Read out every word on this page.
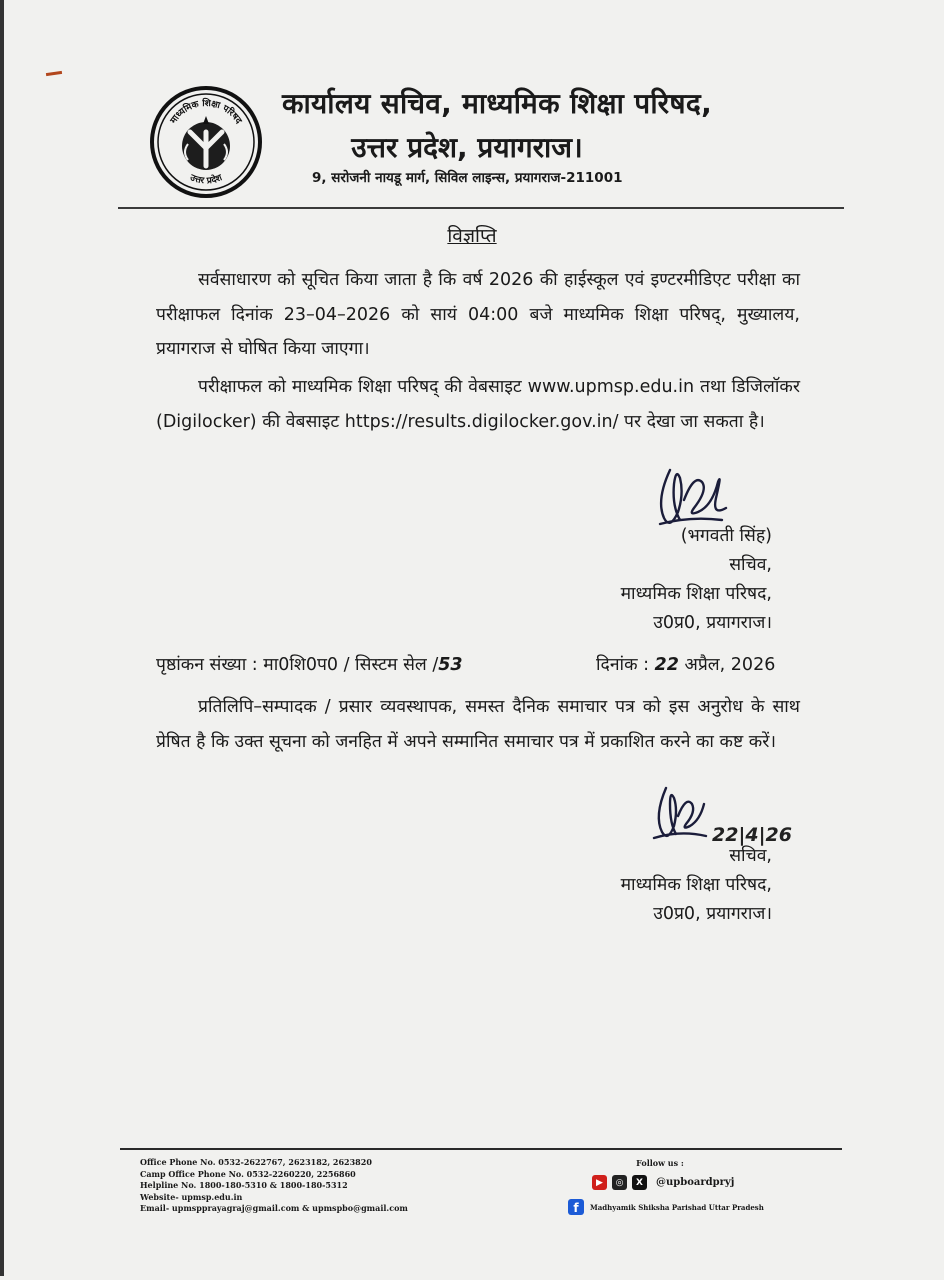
माध्यमिक शिक्षा परिषद
उत्तर प्रदेश
कार्यालय सचिव, माध्यमिक शिक्षा परिषद,
उत्तर प्रदेश, प्रयागराज।
9, सरोजनी नायडू मार्ग, सिविल लाइन्स, प्रयागराज-211001
विज्ञप्ति
सर्वसाधारण को सूचित किया जाता है कि वर्ष 2026 की हाईस्कूल एवं इण्टरमीडिएट परीक्षा का परीक्षाफल दिनांक 23–04–2026 को सायं 04:00 बजे माध्यमिक शिक्षा परिषद्, मुख्यालय, प्रयागराज से घोषित किया जाएगा।
परीक्षाफल को माध्यमिक शिक्षा परिषद् की वेबसाइट www.upmsp.edu.in तथा डिजिलॉकर (Digilocker) की वेबसाइट https://results.digilocker.gov.in/ पर देखा जा सकता है।
(भगवती सिंह)
सचिव,
माध्यमिक शिक्षा परिषद,
उ0प्र0, प्रयागराज।
पृष्ठांकन संख्या : मा0शि0प0 / सिस्टम सेल /53	दिनांक : 22 अप्रैल, 2026
प्रतिलिपि–सम्पादक / प्रसार व्यवस्थापक, समस्त दैनिक समाचार पत्र को इस अनुरोध के साथ प्रेषित है कि उक्त सूचना को जनहित में अपने सम्मानित समाचार पत्र में प्रकाशित करने का कष्ट करें।
22|4|26
सचिव,
माध्यमिक शिक्षा परिषद,
उ0प्र0, प्रयागराज।
Office Phone No. 0532-2622767, 2623182, 2623820
Camp Office Phone No. 0532-2260220, 2256860
Helpline No. 1800-180-5310 & 1800-180-5312
Website- upmsp.edu.in
Email- upmspprayagraj@gmail.com & upmspbo@gmail.com
Follow us :
▶	◎	X	@upboardpryj
f	Madhyamik Shiksha Parishad Uttar Pradesh
